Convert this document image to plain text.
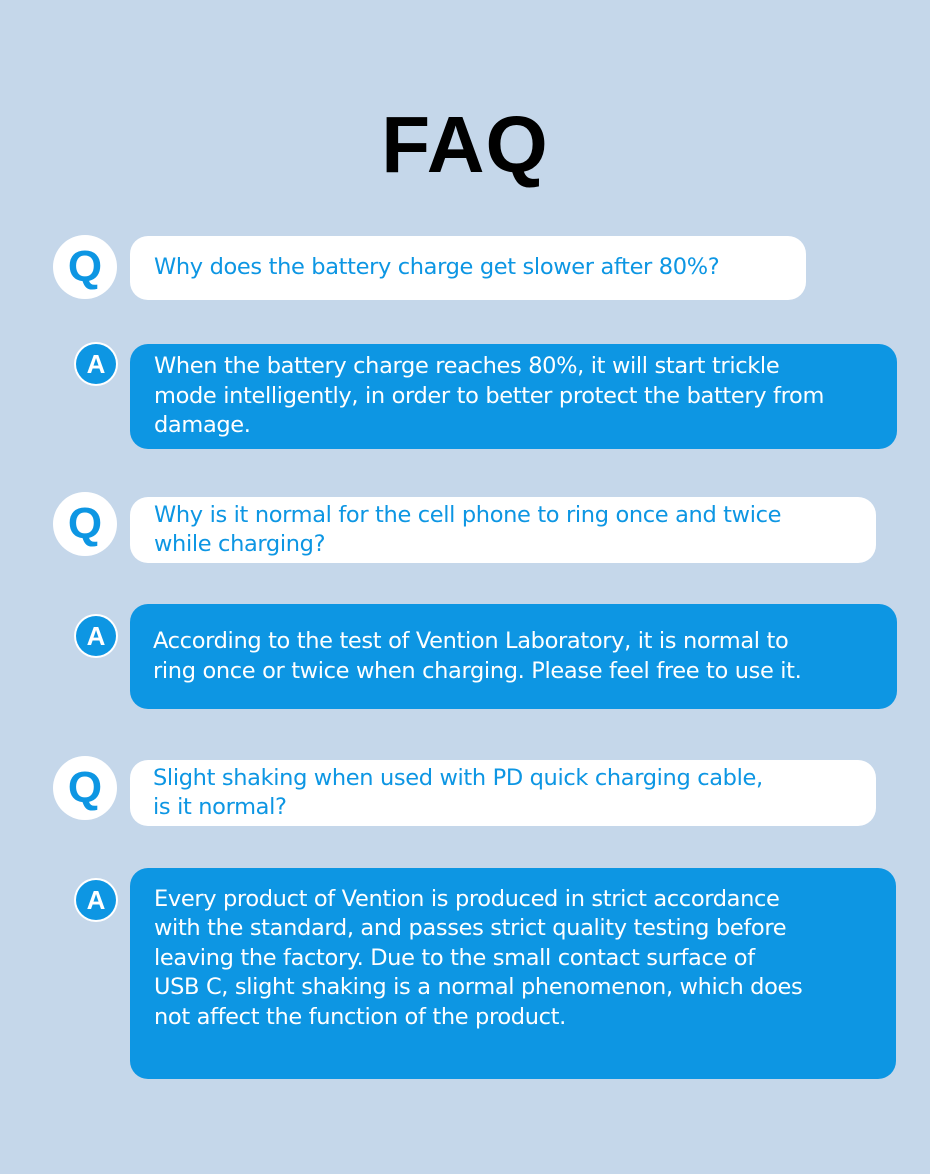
FAQ
Q	Why does the battery charge get slower after 80%?
A	When the battery charge reaches 80%, it will start trickle
mode intelligently, in order to better protect the battery from
damage.
Q	Why is it normal for the cell phone to ring once and twice
while charging?
A	According to the test of Vention Laboratory, it is normal to
ring once or twice when charging. Please feel free to use it.
Q	Slight shaking when used with PD quick charging cable,
is it normal?
A	Every product of Vention is produced in strict accordance
with the standard, and passes strict quality testing before
leaving the factory. Due to the small contact surface of
USB C, slight shaking is a normal phenomenon, which does
not affect the function of the product.
